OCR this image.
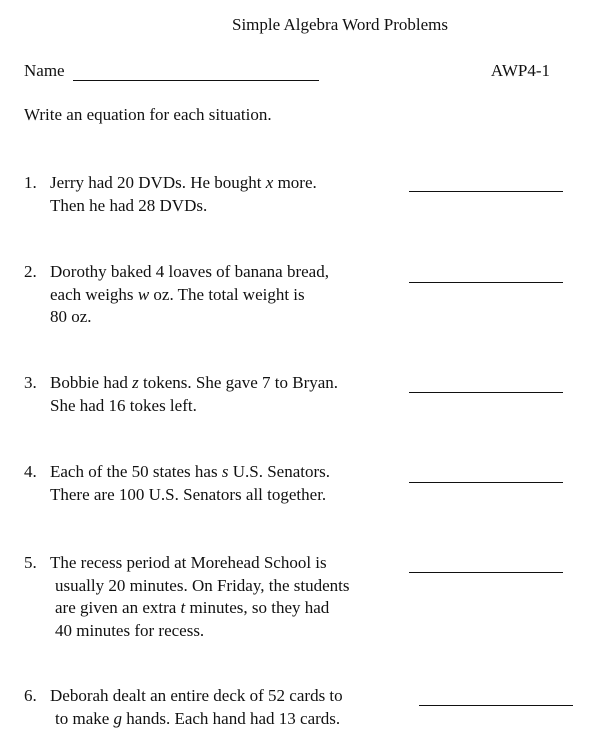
Simple Algebra Word Problems
Name	AWP4-1
Write an equation for each situation.
1. Jerry had 20 DVDs. He bought x more.
Then he had 28 DVDs.
2. Dorothy baked 4 loaves of banana bread,
each weighs w oz. The total weight is
80 oz.
3. Bobbie had z tokens. She gave 7 to Bryan.
She had 16 tokes left.
4. Each of the 50 states has s U.S. Senators.
There are 100 U.S. Senators all together.
5. The recess period at Morehead School is
usually 20 minutes. On Friday, the students
are given an extra t minutes, so they had
40 minutes for recess.
6. Deborah dealt an entire deck of 52 cards to
to make g hands. Each hand had 13 cards.
